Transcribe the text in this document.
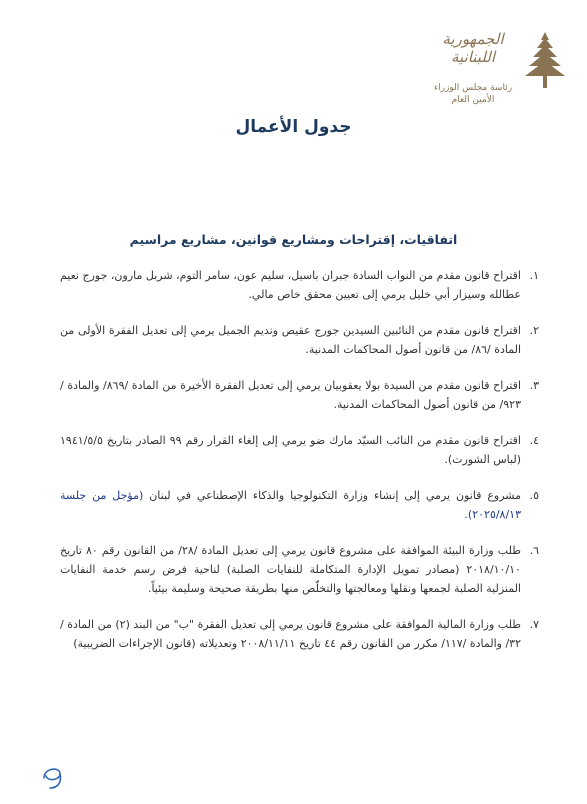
الجمهورية
اللبنانية
رئاسة مجلس الوزراء
الأمين العام
جدول الأعمال
اتفاقيات، إقتراحات ومشاريع قوانين، مشاريع مراسيم
١.
اقتراح قانون مقدم من النواب السادة جبران باسيل، سليم عون، سامر التوم، شربل مارون، جورج نعيم عطالله وسيزار أبي خليل يرمي إلى تعيين محقق خاص مالي.
٢.
اقتراح قانون مقدم من النائبين السيدين جورج عقيص ونديم الجميل يرمي إلى تعديل الفقرة الأولى من المادة /٨٦/ من قانون أصول المحاكمات المدنية.
٣.
اقتراح قانون مقدم من السيدة بولا يعقوبيان يرمي إلى تعديل الفقرة الأخيرة من المادة /٨٦٩/ والمادة /٩٢٣/ من قانون أصول المحاكمات المدنية.
٤.
اقتراح قانون مقدم من النائب السيّد مارك ضو يرمي إلى إلغاء القرار رقم ٩٩ الصادر بتاريخ ١٩٤١/٥/٥ (لباس الشورت).
٥.
مشروع قانون يرمي إلى إنشاء وزارة التكنولوجيا والذكاء الإصطناعي في لبنان (مؤجل من جلسة ٢٠٢٥/٨/١٣).
٦.
طلب وزارة البيئة الموافقة على مشروع قانون يرمي إلى تعديل المادة /٢٨/ من القانون رقم ٨٠ تاريخ ٢٠١٨/١٠/١٠ (مصادر تمويل الإدارة المتكاملة للنفايات الصلبة) لناحية فرض رسم خدمة النفايات المنزلية الصلبة لجمعها ونقلها ومعالجتها والتخلّص منها بطريقة صحيحة وسليمة بيئياً.
٧.
طلب وزارة المالية الموافقة على مشروع قانون يرمي إلى تعديل الفقرة "ب" من البند (٢) من المادة /٣٢/ والمادة /١١٧/ مكرر من القانون رقم ٤٤ تاريخ ٢٠٠٨/١١/١١ وتعديلاته (قانون الإجراءات الضريبية)
